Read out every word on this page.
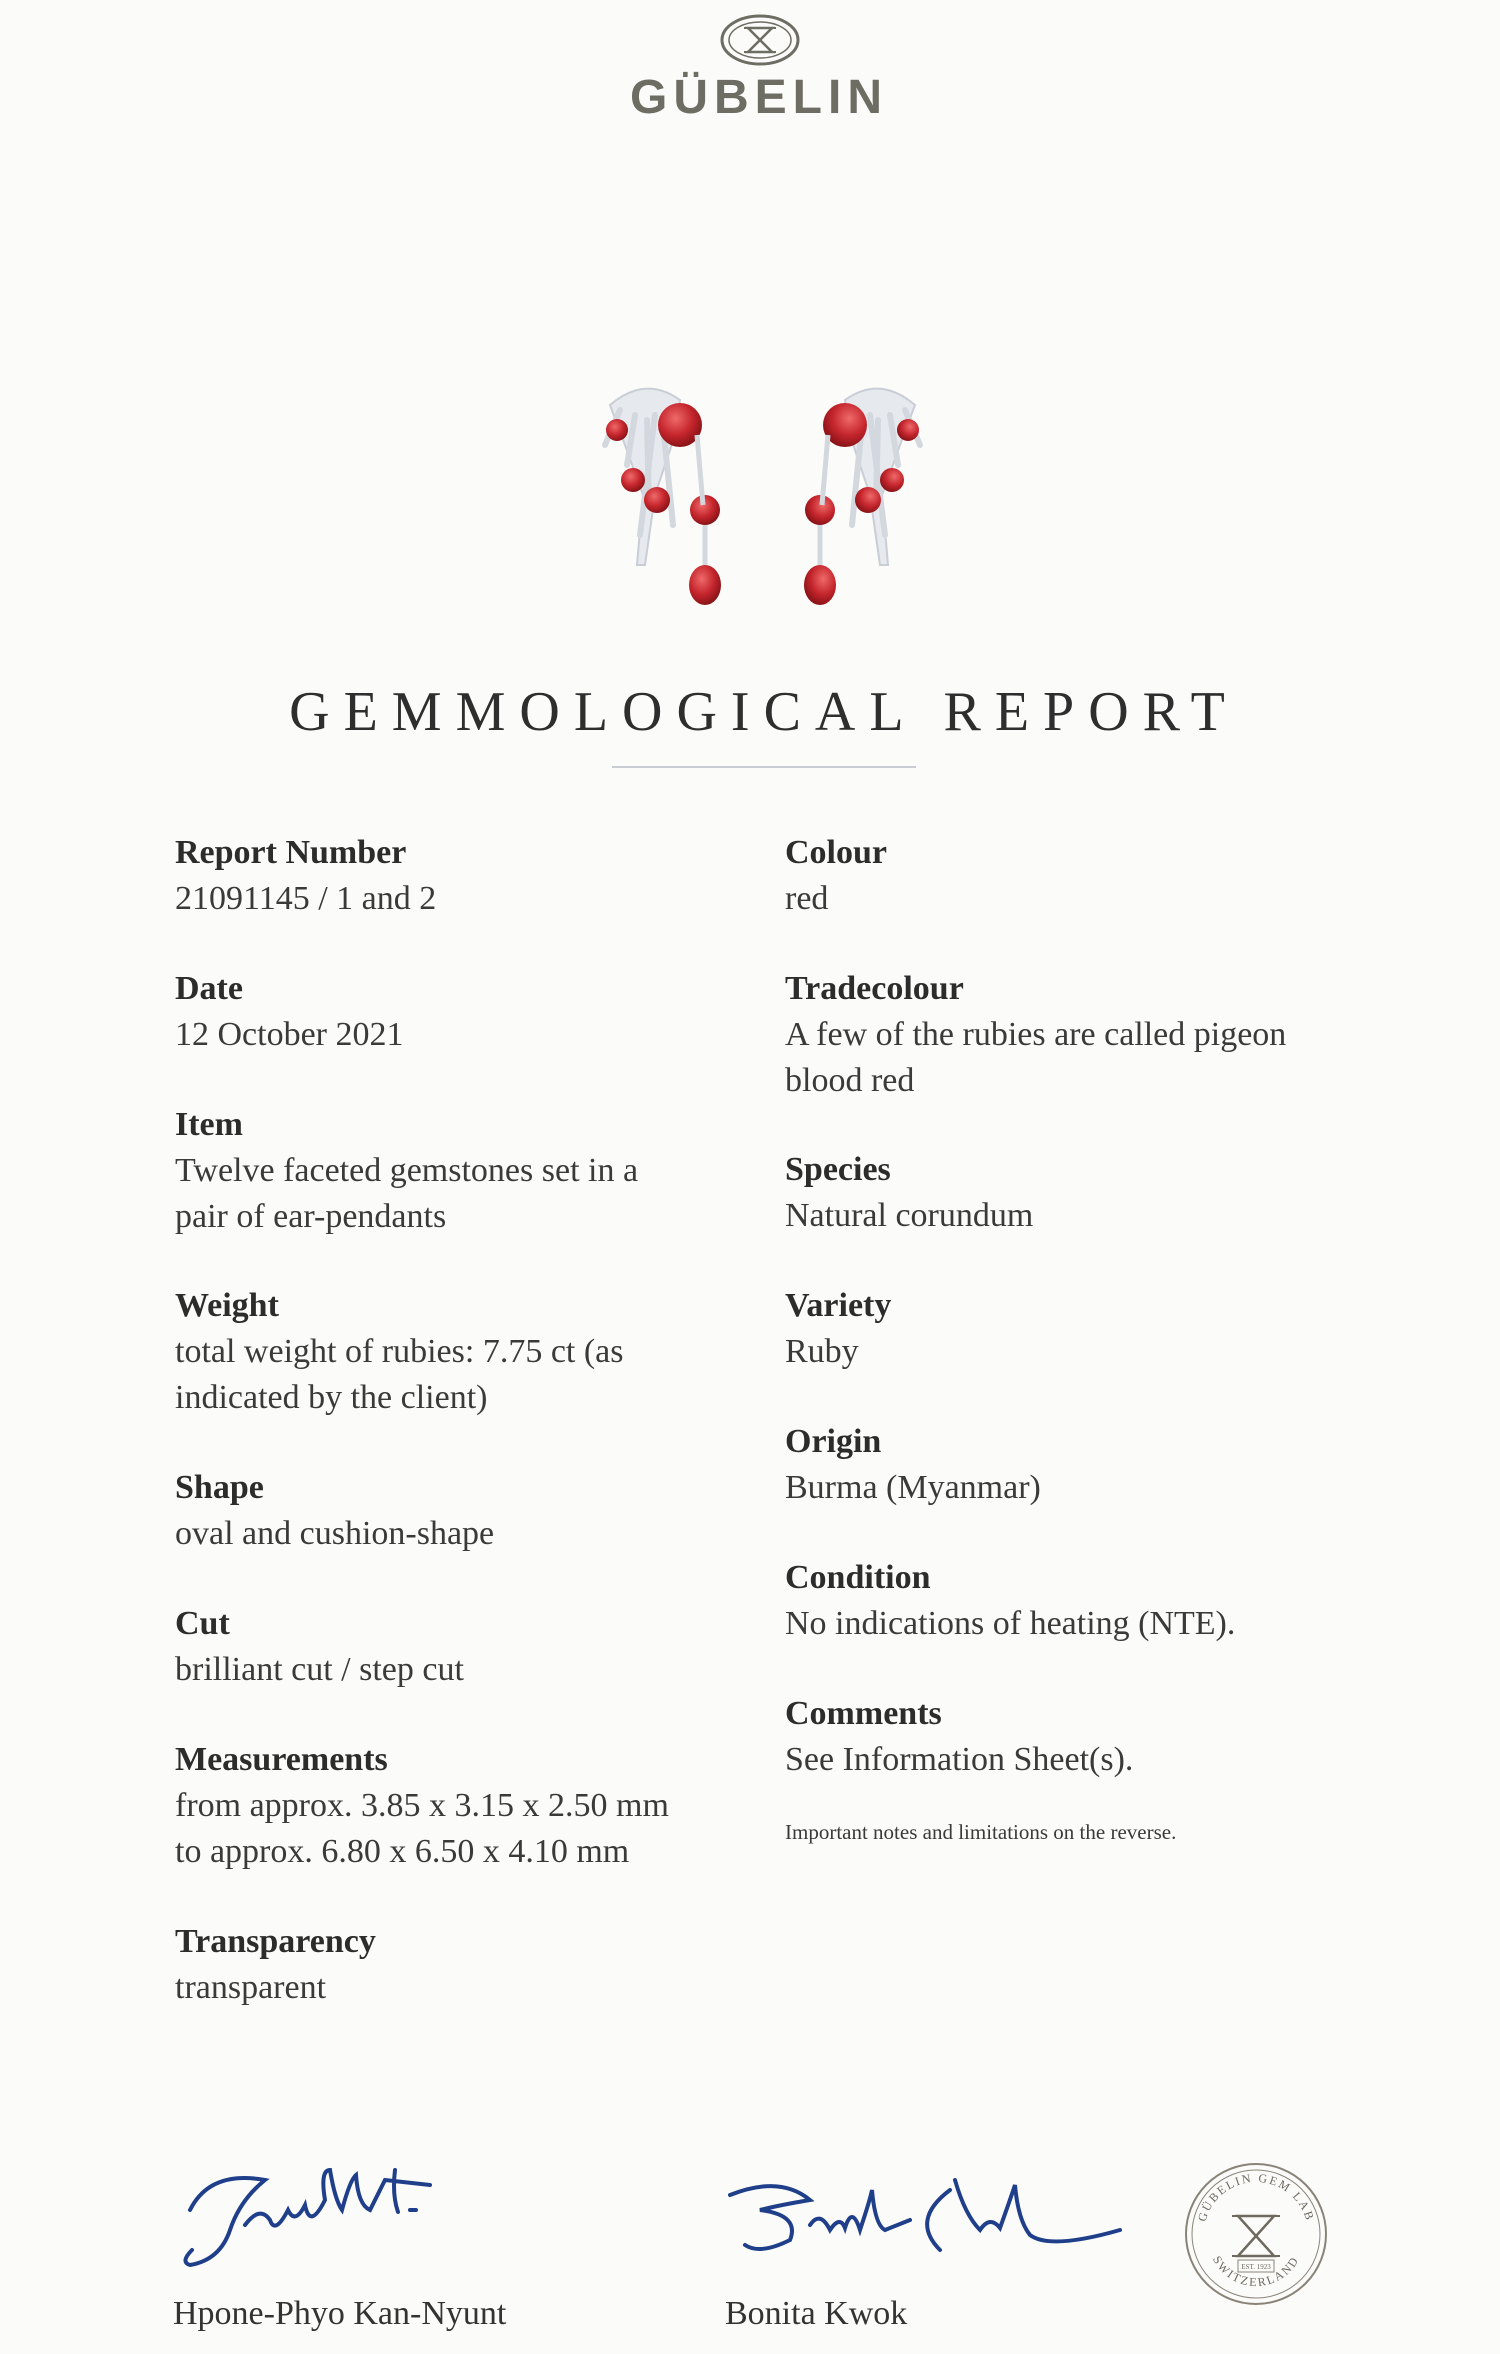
GÜBELIN
GEMMOLOGICAL REPORT
Report Number
21091145 / 1 and 2
Date
12 October 2021
Item
Twelve faceted gemstones set in a
pair of ear-pendants
Weight
total weight of rubies: 7.75 ct (as
indicated by the client)
Shape
oval and cushion-shape
Cut
brilliant cut / step cut
Measurements
from approx. 3.85 x 3.15 x 2.50 mm
to approx. 6.80 x 6.50 x 4.10 mm
Transparency
transparent
Colour
red
Tradecolour
A few of the rubies are called pigeon
blood red
Species
Natural corundum
Variety
Ruby
Origin
Burma (Myanmar)
Condition
No indications of heating (NTE).
Comments
See Information Sheet(s).
Important notes and limitations on the reverse.
Hpone-Phyo Kan-Nyunt	Bonita Kwok
GÜBELIN GEM LAB
SWITZERLAND
EST. 1923
